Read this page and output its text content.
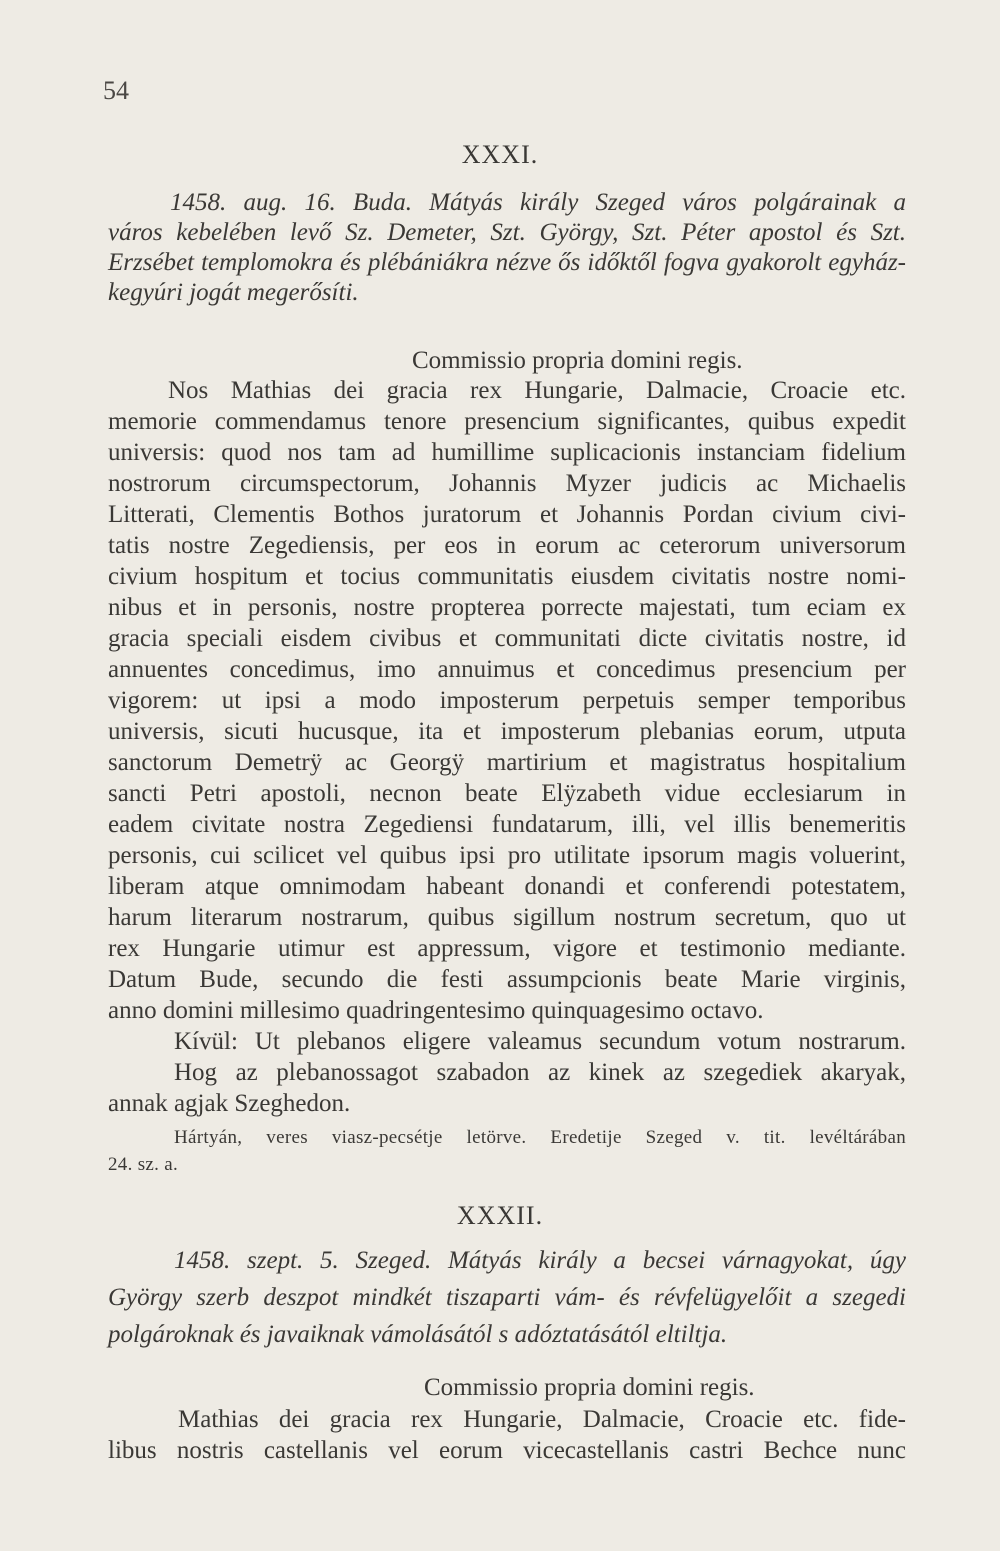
54
XXXI.
1458. aug. 16. Buda. Mátyás király Szeged város polgárainak a
város kebelében levő Sz. Demeter, Szt. György, Szt. Péter apostol és Szt.
Erzsébet templomokra és plébániákra nézve ős időktől fogva gyakorolt egyház-
kegyúri jogát megerősíti.
Commissio propria domini regis.
Nos Mathias dei gracia rex Hungarie, Dalmacie, Croacie etc.
memorie commendamus tenore presencium significantes, quibus expedit
universis: quod nos tam ad humillime suplicacionis instanciam fidelium
nostrorum circumspectorum, Johannis Myzer judicis ac Michaelis
Litterati, Clementis Bothos juratorum et Johannis Pordan civium civi-
tatis nostre Zegediensis, per eos in eorum ac ceterorum universorum
civium hospitum et tocius communitatis eiusdem civitatis nostre nomi-
nibus et in personis, nostre propterea porrecte majestati, tum eciam ex
gracia speciali eisdem civibus et communitati dicte civitatis nostre, id
annuentes concedimus, imo annuimus et concedimus presencium per
vigorem: ut ipsi a modo imposterum perpetuis semper temporibus
universis, sicuti hucusque, ita et imposterum plebanias eorum, utputa
sanctorum Demetrÿ ac Georgÿ martirium et magistratus hospitalium
sancti Petri apostoli, necnon beate Elÿzabeth vidue ecclesiarum in
eadem civitate nostra Zegediensi fundatarum, illi, vel illis benemeritis
personis, cui scilicet vel quibus ipsi pro utilitate ipsorum magis voluerint,
liberam atque omnimodam habeant donandi et conferendi potestatem,
harum literarum nostrarum, quibus sigillum nostrum secretum, quo ut
rex Hungarie utimur est appressum, vigore et testimonio mediante.
Datum Bude, secundo die festi assumpcionis beate Marie virginis,
anno domini millesimo quadringentesimo quinquagesimo octavo.
Kívül: Ut plebanos eligere valeamus secundum votum nostrarum.
Hog az plebanossagot szabadon az kinek az szegediek akaryak,
annak agjak Szeghedon.
Hártyán, veres viasz-pecsétje letörve. Eredetije Szeged v. tit. levéltárában
24. sz. a.
XXXII.
1458. szept. 5. Szeged. Mátyás király a becsei várnagyokat, úgy
György szerb deszpot mindkét tiszaparti vám- és révfelügyelőit a szegedi
polgároknak és javaiknak vámolásától s adóztatásától eltiltja.
Commissio propria domini regis.
Mathias dei gracia rex Hungarie, Dalmacie, Croacie etc. fide-
libus nostris castellanis vel eorum vicecastellanis castri Bechce nunc
